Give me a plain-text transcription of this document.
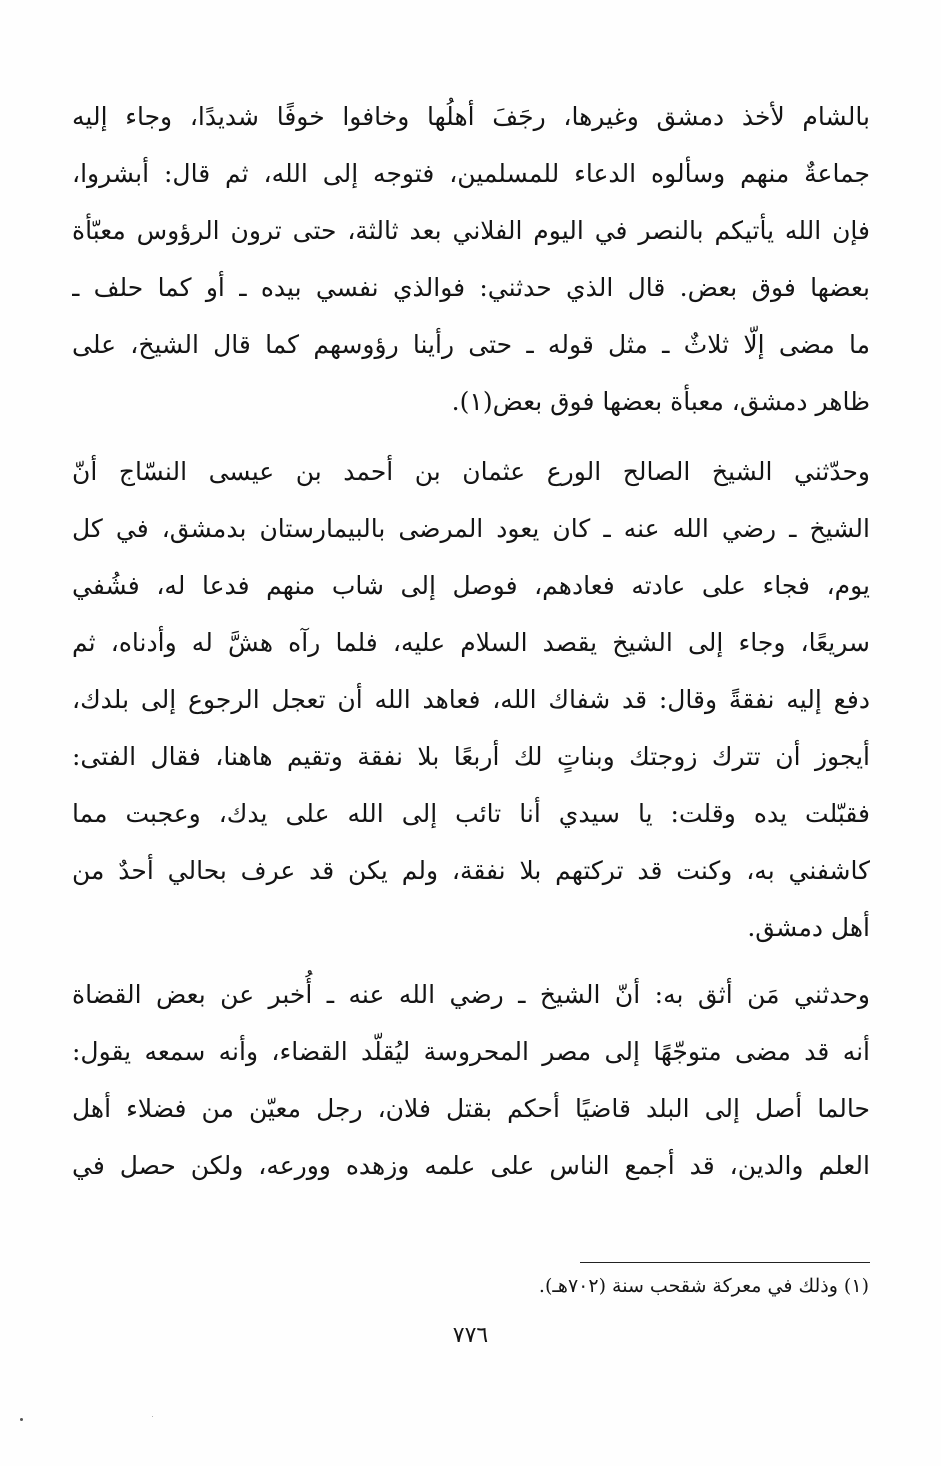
بالشام لأخذ دمشق وغيرها، رجَفَ أهلُها وخافوا خوفًا شديدًا، وجاء إليه
جماعةٌ منهم وسألوه الدعاء للمسلمين، فتوجه إلى الله، ثم قال: أبشروا،
فإن الله يأتيكم بالنصر في اليوم الفلاني بعد ثالثة، حتى ترون الرؤوس معبّأة
بعضها فوق بعض. قال الذي حدثني: فوالذي نفسي بيده ـ أو كما حلف ـ
ما مضى إلّا ثلاثٌ ـ مثل قوله ـ حتى رأينا رؤوسهم كما قال الشيخ، على
ظاهر دمشق، معبأة بعضها فوق بعض(١).
وحدّثني الشيخ الصالح الورع عثمان بن أحمد بن عيسى النسّاج أنّ
الشيخ ـ رضي الله عنه ـ كان يعود المرضى بالبيمارستان بدمشق، في كل
يوم، فجاء على عادته فعادهم، فوصل إلى شاب منهم فدعا له، فشُفي
سريعًا، وجاء إلى الشيخ يقصد السلام عليه، فلما رآه هشَّ له وأدناه، ثم
دفع إليه نفقةً وقال: قد شفاك الله، فعاهد الله أن تعجل الرجوع إلى بلدك،
أيجوز أن تترك زوجتك وبناتٍ لك أربعًا بلا نفقة وتقيم هاهنا، فقال الفتى:
فقبّلت يده وقلت: يا سيدي أنا تائب إلى الله على يدك، وعجبت مما
كاشفني به، وكنت قد تركتهم بلا نفقة، ولم يكن قد عرف بحالي أحدٌ من
أهل دمشق.
وحدثني مَن أثق به: أنّ الشيخ ـ رضي الله عنه ـ أُخبر عن بعض القضاة
أنه قد مضى متوجّهًا إلى مصر المحروسة ليُقلّد القضاء، وأنه سمعه يقول:
حالما أصل إلى البلد قاضيًا أحكم بقتل فلان، رجل معيّن من فضلاء أهل
العلم والدين، قد أجمع الناس على علمه وزهده وورعه، ولكن حصل في
(١) وذلك في معركة شقحب سنة (٧٠٢هـ).
٧٧٦
